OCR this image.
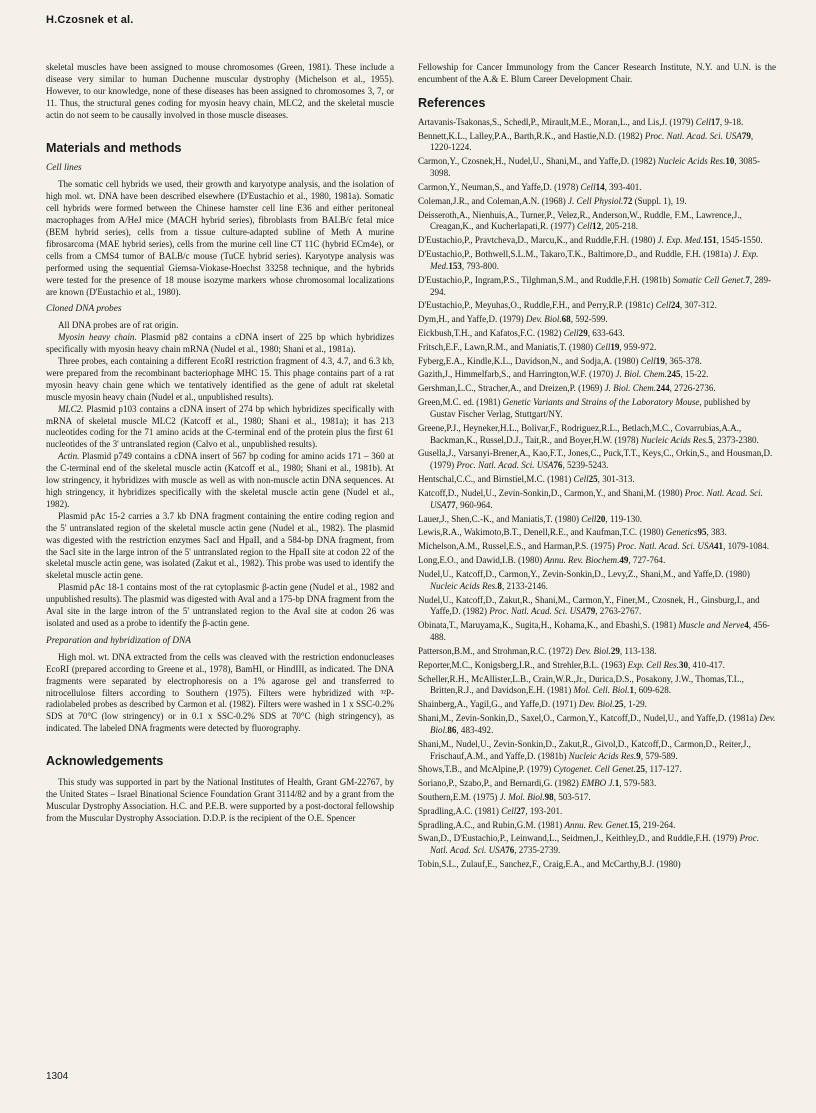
H.Czosnek et al.

skeletal muscles have been assigned to mouse chromosomes (Green, 1981). These include a disease very similar to human Duchenne muscular dystrophy (Michelson et al., 1955). However, to our knowledge, none of these diseases has been assigned to chromosomes 3, 7, or 11. Thus, the structural genes coding for myosin heavy chain, MLC2, and the skeletal muscle actin do not seem to be causally involved in those muscle diseases.

Materials and methods
Cell lines

The somatic cell hybrids we used, their growth and karyotype analysis, and the isolation of high mol. wt. DNA have been described elsewhere (D'Eustachio et al., 1980, 1981a). Somatic cell hybrids were formed between the Chinese hamster cell line E36 and either peritoneal macrophages from A/HeJ mice (MACH hybrid series), fibroblasts from BALB/c fetal mice (BEM hybrid series), cells from a tissue culture-adapted subline of Meth A murine fibrosarcoma (MAE hybrid series), cells from the murine cell line CT 11C (hybrid ECm4e), or cells from a CMS4 tumor of BALB/c mouse (TuCE hybrid series). Karyotype analysis was performed using the sequential Giemsa-Viokase-Hoechst 33258 technique, and the hybrids were tested for the presence of 18 mouse isozyme markers whose chromosomal localizations are known (D'Eustachio et al., 1980).

Cloned DNA probes

All DNA probes are of rat origin.

Myosin heavy chain. Plasmid p82 contains a cDNA insert of 225 bp which hybridizes specifically with myosin heavy chain mRNA (Nudel et al., 1980; Shani et al., 1981a).

Three probes, each containing a different EcoRI restriction fragment of 4.3, 4.7, and 6.3 kb, were prepared from the recombinant bacteriophage MHC 15. This phage contains part of a rat myosin heavy chain gene which we tentatively identified as the gene of adult rat skeletal muscle myosin heavy chain (Nudel et al., unpublished results).

MLC2. Plasmid p103 contains a cDNA insert of 274 bp which hybridizes specifically with mRNA of skeletal muscle MLC2 (Katcoff et al., 1980; Shani et al., 1981a); it has 213 nucleotides coding for the 71 amino acids at the C-terminal end of the protein plus the first 61 nucleotides of the 3' untranslated region (Calvo et al., unpublished results).

Actin. Plasmid p749 contains a cDNA insert of 567 bp coding for amino acids 171 – 360 at the C-terminal end of the skeletal muscle actin (Katcoff et al., 1980; Shani et al., 1981b). At low stringency, it hybridizes with muscle as well as with non-muscle actin DNA sequences. At high stringency, it hybridizes specifically with the skeletal muscle actin gene (Nudel et al., 1982).

Plasmid pAc 15-2 carries a 3.7 kb DNA fragment containing the entire coding region and the 5' untranslated region of the skeletal muscle actin gene (Nudel et al., 1982). The plasmid was digested with the restriction enzymes SacI and HpaII, and a 584-bp DNA fragment, from the SacI site in the large intron of the 5' untranslated region to the HpaII site at codon 22 of the skeletal muscle actin gene, was isolated (Zakut et al., 1982). This probe was used to identify the skeletal muscle actin gene.

Plasmid pAc 18-1 contains most of the rat cytoplasmic β-actin gene (Nudel et al., 1982 and unpublished results). The plasmid was digested with AvaI and a 175-bp DNA fragment from the AvaI site in the large intron of the 5' untranslated region to the AvaI site at codon 26 was isolated and used as a probe to identify the β-actin gene.

Preparation and hybridization of DNA

High mol. wt. DNA extracted from the cells was cleaved with the restriction endonucleases EcoRI (prepared according to Greene et al., 1978), BamHI, or HindIII, as indicated. The DNA fragments were separated by electrophoresis on a 1% agarose gel and transferred to nitrocellulose filters according to Southern (1975). Filters were hybridized with ³²P-radiolabeled probes as described by Carmon et al. (1982). Filters were washed in 1 x SSC-0.2% SDS at 70°C (low stringency) or in 0.1 x SSC-0.2% SDS at 70°C (high stringency), as indicated. The labeled DNA fragments were detected by fluorography.

Acknowledgements

This study was supported in part by the National Institutes of Health, Grant GM-22767, by the United States – Israel Binational Science Foundation Grant 3114/82 and by a grant from the Muscular Dystrophy Association. H.C. and P.E.B. were supported by a post-doctoral fellowship from the Muscular Dystrophy Association. D.D.P. is the recipient of the O.E. Spencer

Fellowship for Cancer Immunology from the Cancer Research Institute, N.Y. and U.N. is the encumbent of the A.& E. Blum Career Development Chair.

References
Artavanis-Tsakonas,S., Schedl,P., Mirault,M.E., Moran,L., and Lis,J. (1979) Cell17, 9-18.
Bennett,K.L., Lalley,P.A., Barth,R.K., and Hastie,N.D. (1982) Proc. Natl. Acad. Sci. USA79, 1220-1224.
Carmon,Y., Czosnek,H., Nudel,U., Shani,M., and Yaffe,D. (1982) Nucleic Acids Res.10, 3085-3098.
Carmon,Y., Neuman,S., and Yaffe,D. (1978) Cell14, 393-401.
Coleman,J.R., and Coleman,A.N. (1968) J. Cell Physiol.72 (Suppl. 1), 19.
Deisseroth,A., Nienhuis,A., Turner,P., Velez,R., Anderson,W., Ruddle, F.M., Lawrence,J., Creagan,K., and Kucherlapati,R. (1977) Cell12, 205-218.
D'Eustachio,P., Pravtcheva,D., Marcu,K., and Ruddle,F.H. (1980) J. Exp. Med.151, 1545-1550.
D'Eustachio,P., Bothwell,S.L.M., Takaro,T.K., Baltimore,D., and Ruddle, F.H. (1981a) J. Exp. Med.153, 793-800.
D'Eustachio,P., Ingram,P.S., Tilghman,S.M., and Ruddle,F.H. (1981b) Somatic Cell Genet.7, 289-294.
D'Eustachio,P., Meyuhas,O., Ruddle,F.H., and Perry,R.P. (1981c) Cell24, 307-312.
Dym,H., and Yaffe,D. (1979) Dev. Biol.68, 592-599.
Eickbush,T.H., and Kafatos,F.C. (1982) Cell29, 633-643.
Fritsch,E.F., Lawn,R.M., and Maniatis,T. (1980) Cell19, 959-972.
Fyberg,E.A., Kindle,K.L., Davidson,N., and Sodja,A. (1980) Cell19, 365-378.
Gazith,J., Himmelfarb,S., and Harrington,W.F. (1970) J. Biol. Chem.245, 15-22.
Gershman,L.C., Stracher,A., and Dreizen,P. (1969) J. Biol. Chem.244, 2726-2736.
Green,M.C. ed. (1981) Genetic Variants and Strains of the Laboratory Mouse, published by Gustav Fischer Verlag, Stuttgart/NY.
Greene,P.J., Heyneker,H.L., Bolivar,F., Rodriguez,R.L., Betlach,M.C., Covarrubias,A.A., Backman,K., Russel,D.J., Tait,R., and Boyer,H.W. (1978) Nucleic Acids Res.5, 2373-2380.
Gusella,J., Varsanyi-Brener,A., Kao,F.T., Jones,C., Puck,T.T., Keys,C., Orkin,S., and Housman,D. (1979) Proc. Natl. Acad. Sci. USA76, 5239-5243.
Hentschal,C.C., and Birnstiel,M.C. (1981) Cell25, 301-313.
Katcoff,D., Nudel,U., Zevin-Sonkin,D., Carmon,Y., and Shani,M. (1980) Proc. Natl. Acad. Sci. USA77, 960-964.
Lauer,J., Shen,C.-K., and Maniatis,T. (1980) Cell20, 119-130.
Lewis,R.A., Wakimoto,B.T., Denell,R.E., and Kaufman,T.C. (1980) Genetics95, 383.
Michelson,A.M., Russel,E.S., and Harman,P.S. (1975) Proc. Natl. Acad. Sci. USA41, 1079-1084.
Long,E.O., and Dawid,I.B. (1980) Annu. Rev. Biochem.49, 727-764.
Nudel,U., Katcoff,D., Carmon,Y., Zevin-Sonkin,D., Levy,Z., Shani,M., and Yaffe,D. (1980) Nucleic Acids Res.8, 2133-2146.
Nudel,U., Katcoff,D., Zakut,R., Shani,M., Carmon,Y., Finer,M., Czosnek, H., Ginsburg,I., and Yaffe,D. (1982) Proc. Natl. Acad. Sci. USA79, 2763-2767.
Obinata,T., Maruyama,K., Sugita,H., Kohama,K., and Ebashi,S. (1981) Muscle and Nerve4, 456-488.
Patterson,B.M., and Strohman,R.C. (1972) Dev. Biol.29, 113-138.
Reporter,M.C., Konigsberg,I.R., and Strehler,B.L. (1963) Exp. Cell Res.30, 410-417.
Scheller,R.H., McAllister,L.B., Crain,W.R.,Jr., Durica,D.S., Posakony, J.W., Thomas,T.L., Britten,R.J., and Davidson,E.H. (1981) Mol. Cell. Biol.1, 609-628.
Shainberg,A., Yagil,G., and Yaffe,D. (1971) Dev. Biol.25, 1-29.
Shani,M., Zevin-Sonkin,D., Saxel,O., Carmon,Y., Katcoff,D., Nudel,U., and Yaffe,D. (1981a) Dev. Biol.86, 483-492.
Shani,M., Nudel,U., Zevin-Sonkin,D., Zakut,R., Givol,D., Katcoff,D., Carmon,D., Reiter,J., Frischauf,A.M., and Yaffe,D. (1981b) Nucleic Acids Res.9, 579-589.
Shows,T.B., and McAlpine,P. (1979) Cytogenet. Cell Genet.25, 117-127.
Soriano,P., Szabo,P., and Bernardi,G. (1982) EMBO J.1, 579-583.
Southern,E.M. (1975) J. Mol. Biol.98, 503-517.
Spradling,A.C. (1981) Cell27, 193-201.
Spradling,A.C., and Rubin,G.M. (1981) Annu. Rev. Genet.15, 219-264.
Swan,D., D'Eustachio,P., Leinwand,L., Seidmen,J., Keithley,D., and Ruddle,F.H. (1979) Proc. Natl. Acad. Sci. USA76, 2735-2739.
Tobin,S.L., Zulauf,E., Sanchez,F., Craig,E.A., and McCarthy,B.J. (1980)
1304
